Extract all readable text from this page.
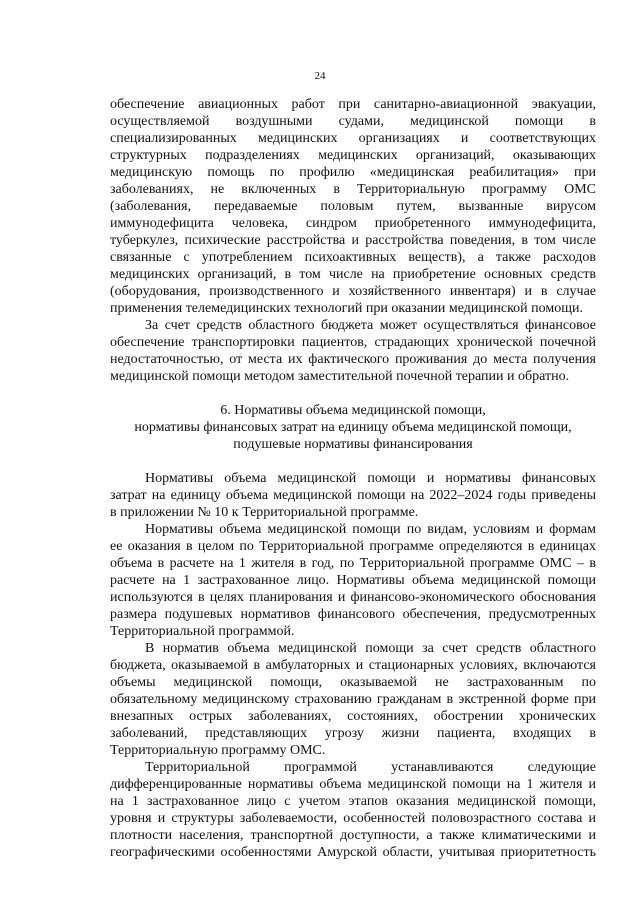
24
обеспечение авиационных работ при санитарно-авиационной эвакуации,
осуществляемой воздушными судами, медицинской помощи в
специализированных медицинских организациях и соответствующих
структурных подразделениях медицинских организаций, оказывающих
медицинскую помощь по профилю «медицинская реабилитация» при
заболеваниях, не включенных в Территориальную программу ОМС
(заболевания, передаваемые половым путем, вызванные вирусом
иммунодефицита человека, синдром приобретенного иммунодефицита,
туберкулез, психические расстройства и расстройства поведения, в том числе
связанные с употреблением психоактивных веществ), а также расходов
медицинских организаций, в том числе на приобретение основных средств
(оборудования, производственного и хозяйственного инвентаря) и в случае
применения телемедицинских технологий при оказании медицинской помощи.
За счет средств областного бюджета может осуществляться финансовое
обеспечение транспортировки пациентов, страдающих хронической почечной
недостаточностью, от места их фактического проживания до места получения
медицинской помощи методом заместительной почечной терапии и обратно.
6. Нормативы объема медицинской помощи,
нормативы финансовых затрат на единицу объема медицинской помощи,
подушевые нормативы финансирования
Нормативы объема медицинской помощи и нормативы финансовых
затрат на единицу объема медицинской помощи на 2022–2024 годы приведены
в приложении № 10 к Территориальной программе.
Нормативы объема медицинской помощи по видам, условиям и формам
ее оказания в целом по Территориальной программе определяются в единицах
объема в расчете на 1 жителя в год, по Территориальной программе ОМС – в
расчете на 1 застрахованное лицо. Нормативы объема медицинской помощи
используются в целях планирования и финансово-экономического обоснования
размера подушевых нормативов финансового обеспечения, предусмотренных
Территориальной программой.
В норматив объема медицинской помощи за счет средств областного
бюджета, оказываемой в амбулаторных и стационарных условиях, включаются
объемы медицинской помощи, оказываемой не застрахованным по
обязательному медицинскому страхованию гражданам в экстренной форме при
внезапных острых заболеваниях, состояниях, обострении хронических
заболеваний, представляющих угрозу жизни пациента, входящих в
Территориальную программу ОМС.
Территориальной программой устанавливаются следующие
дифференцированные нормативы объема медицинской помощи на 1 жителя и
на 1 застрахованное лицо с учетом этапов оказания медицинской помощи,
уровня и структуры заболеваемости, особенностей половозрастного состава и
плотности населения, транспортной доступности, а также климатическими и
географическими особенностями Амурской области, учитывая приоритетность
